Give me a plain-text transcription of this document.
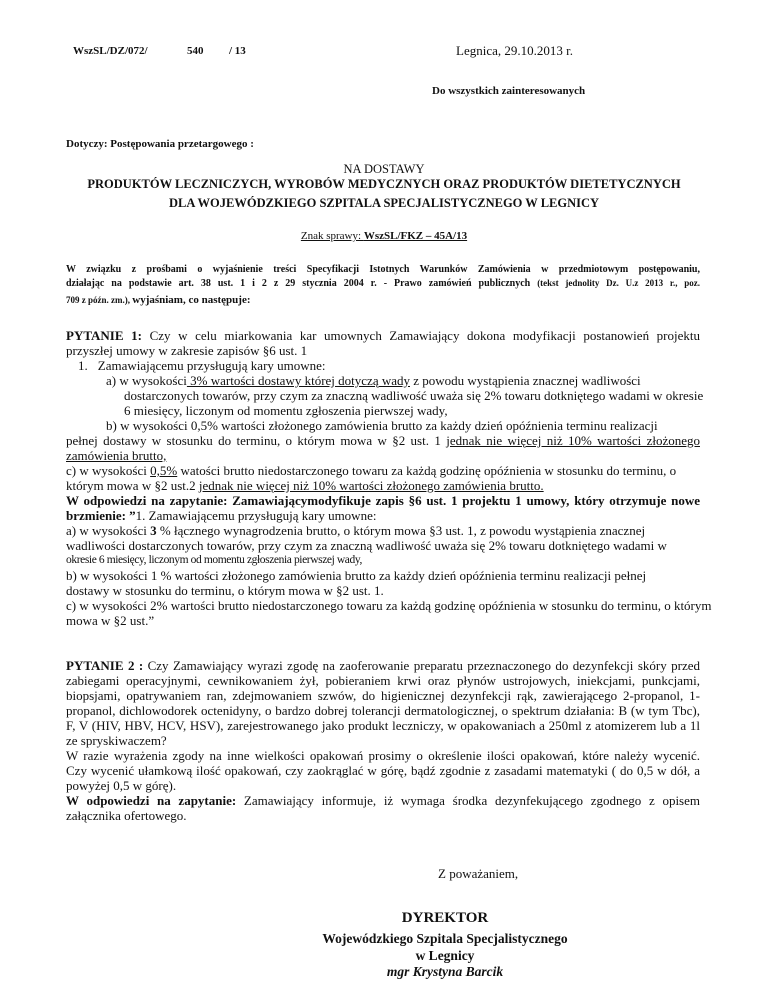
WszSL/DZ/072/	540 / 13	Legnica, 29.10.2013 r.
Do wszystkich zainteresowanych
Dotyczy: Postępowania przetargowego :
NA DOSTAWY
PRODUKTÓW LECZNICZYCH, WYROBÓW MEDYCZNYCH ORAZ PRODUKTÓW DIETETYCZNYCH
DLA WOJEWÓDZKIEGO SZPITALA SPECJALISTYCZNEGO W LEGNICY
Znak sprawy: WszSL/FKZ – 45A/13
W związku z prośbami o wyjaśnienie treści Specyfikacji Istotnych Warunków Zamówienia w przedmiotowym postępowaniu,
działając na podstawie art. 38 ust. 1 i 2 z 29 stycznia 2004 r. - Prawo zamówień publicznych (tekst jednolity Dz. U.z 2013 r., poz.
709 z późn. zm.), wyjaśniam, co następuje:
PYTANIE 1: Czy w celu miarkowania kar umownych Zamawiający dokona modyfikacji postanowień projektu
przyszłej umowy w zakresie zapisów §6 ust. 1
1. Zamawiającemu przysługują kary umowne:
a) w wysokości 3% wartości dostawy której dotyczą wady z powodu wystąpienia znacznej wadliwości
dostarczonych towarów, przy czym za znaczną wadliwość uważa się 2% towaru dotkniętego wadami w okresie
6 miesięcy, liczonym od momentu zgłoszenia pierwszej wady,
b) w wysokości 0,5% wartości złożonego zamówienia brutto za każdy dzień opóźnienia terminu realizacji
pełnej dostawy w stosunku do terminu, o którym mowa w §2 ust. 1 jednak nie więcej niż 10% wartości złożonego
zamówienia brutto,
c) w wysokości 0,5% watości brutto niedostarczonego towaru za każdą godzinę opóźnienia w stosunku do terminu, o
którym mowa w §2 ust.2 jednak nie więcej niż 10% wartości złożonego zamówienia brutto.
W odpowiedzi na zapytanie: Zamawiającymodyfikuje zapis §6 ust. 1 projektu 1 umowy, który otrzymuje nowe
brzmienie: ”1. Zamawiającemu przysługują kary umowne:
a) w wysokości 3 % łącznego wynagrodzenia brutto, o którym mowa §3 ust. 1, z powodu wystąpienia znacznej
wadliwości dostarczonych towarów, przy czym za znaczną wadliwość uważa się 2% towaru dotkniętego wadami w
okresie 6 miesięcy, liczonym od momentu zgłoszenia pierwszej wady,
b) w wysokości 1 % wartości złożonego zamówienia brutto za każdy dzień opóźnienia terminu realizacji pełnej
dostawy w stosunku do terminu, o którym mowa w §2 ust. 1.
c) w wysokości 2% wartości brutto niedostarczonego towaru za każdą godzinę opóźnienia w stosunku do terminu, o którym
mowa w §2 ust.”
PYTANIE 2 : Czy Zamawiający wyrazi zgodę na zaoferowanie preparatu przeznaczonego do dezynfekcji skóry przed
zabiegami operacyjnymi, cewnikowaniem żył, pobieraniem krwi oraz płynów ustrojowych, iniekcjami, punkcjami,
biopsjami, opatrywaniem ran, zdejmowaniem szwów, do higienicznej dezynfekcji rąk, zawierającego 2-propanol, 1-
propanol, dichlowodorek octenidyny, o bardzo dobrej tolerancji dermatologicznej, o spektrum działania: B (w tym Tbc),
F, V (HIV, HBV, HCV, HSV), zarejestrowanego jako produkt leczniczy, w opakowaniach a 250ml z atomizerem lub a 1l
ze spryskiwaczem?
W razie wyrażenia zgody na inne wielkości opakowań prosimy o określenie ilości opakowań, które należy wycenić.
Czy wycenić ułamkową ilość opakowań, czy zaokrąglać w górę, bądź zgodnie z zasadami matematyki ( do 0,5 w dół, a
powyżej 0,5 w górę).
W odpowiedzi na zapytanie: Zamawiający informuje, iż wymaga środka dezynfekującego zgodnego z opisem
załącznika ofertowego.
Z poważaniem,
DYREKTOR
Wojewódzkiego Szpitala Specjalistycznego
w Legnicy
mgr Krystyna Barcik
